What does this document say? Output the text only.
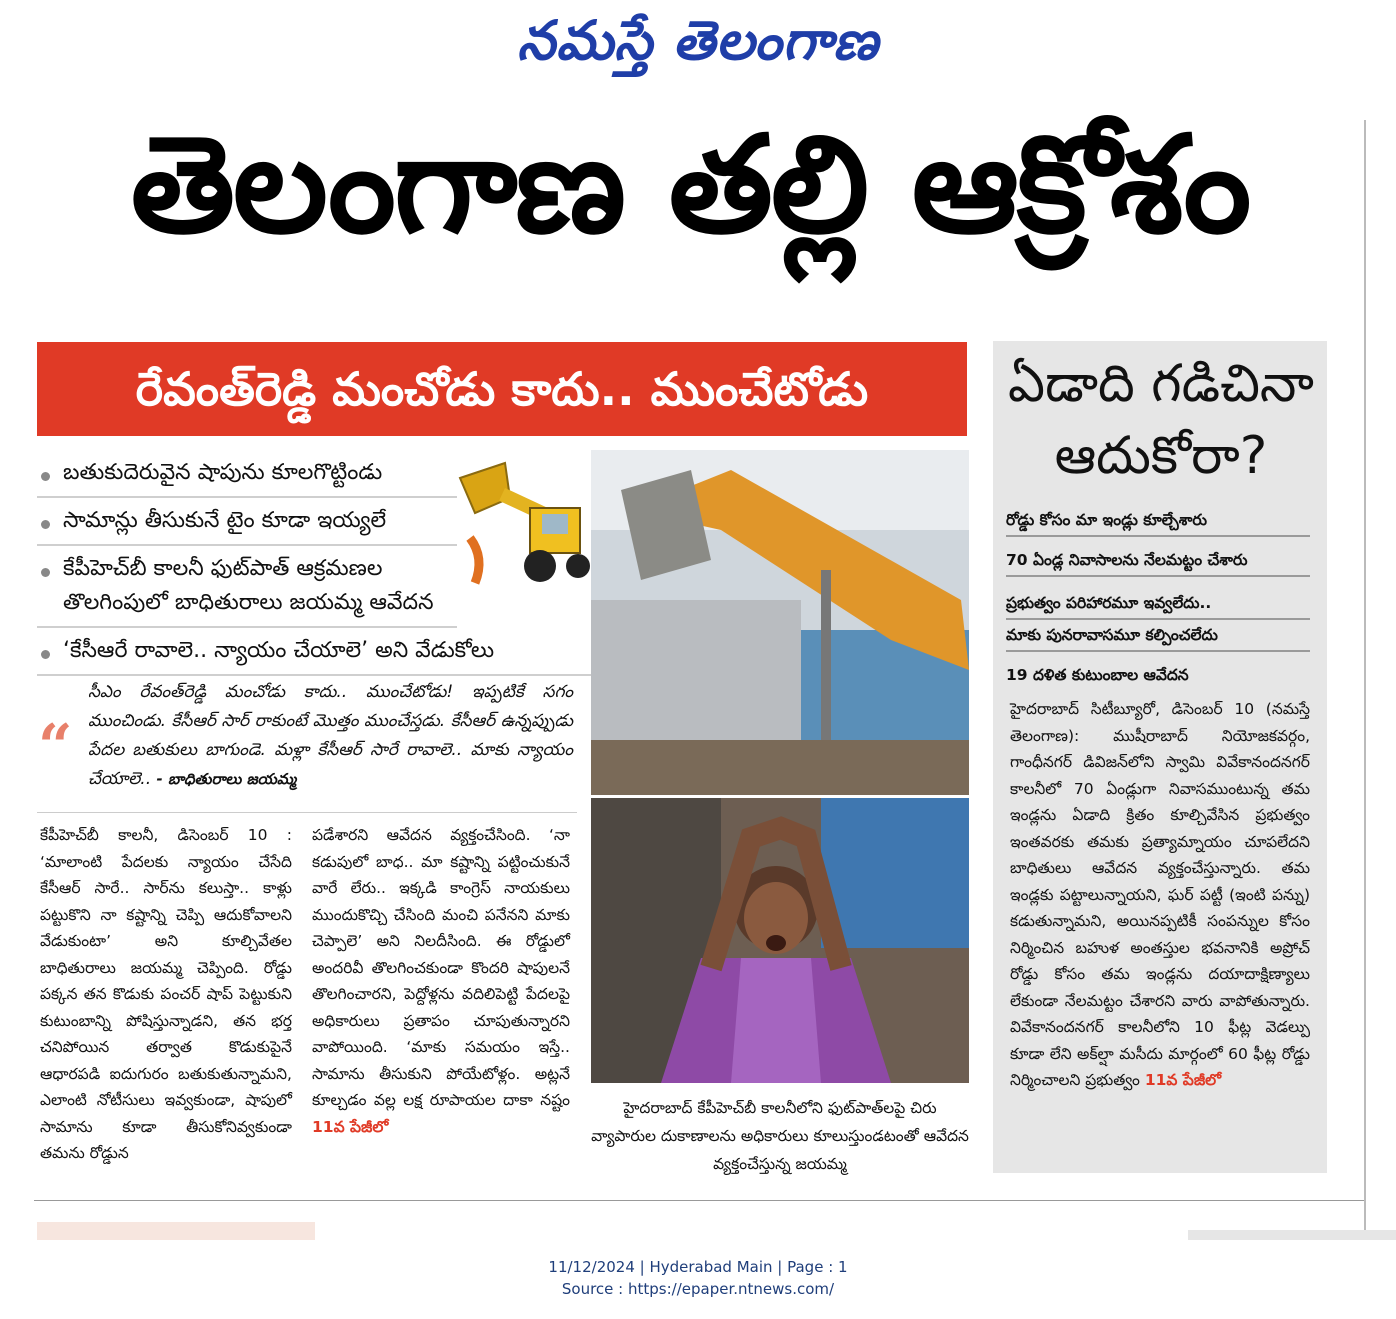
నమస్తే తెలంగాణ
తెలంగాణ తల్లి ఆక్రోశం
రేవంత్‌రెడ్డి మంచోడు కాదు.. ముంచేటోడు
బతుకుదెరువైన షాపును కూలగొట్టిండు
సామాన్లు తీసుకునే టైం కూడా ఇయ్యలే
కేపీహెచ్‌బీ కాలనీ ఫుట్‌పాత్ ఆక్రమణల తొలగింపులో బాధితురాలు జయమ్మ ఆవేదన
‘కేసీఆరే రావాలె.. న్యాయం చేయాలె’ అని వేడుకోలు
“
సీఎం రేవంత్‌రెడ్డి మంచోడు కాదు.. ముంచేటోడు! ఇప్పటికే సగం ముంచిండు. కేసీఆర్ సార్ రాకుంటే మొత్తం ముంచేస్తడు. కేసీఆర్ ఉన్నప్పుడు పేదల బతుకులు బాగుండె. మళ్లా కేసీఆర్ సారే రావాలె.. మాకు న్యాయం చేయాలె.. - బాధితురాలు జయమ్మ
కేపీహెచ్‌బీ కాలనీ, డిసెంబర్ 10 : ‘మాలాంటి పేదలకు న్యాయం చేసేది కేసీఆర్ సారే.. సార్‌ను కలుస్తా.. కాళ్లు పట్టుకొని నా కష్టాన్ని చెప్పి ఆదుకోవాలని వేడుకుంటా’ అని కూల్చివేతల బాధితురాలు జయమ్మ చెప్పింది. రోడ్డు పక్కన తన కొడుకు పంచర్ షాప్ పెట్టుకుని కుటుంబాన్ని పోషిస్తున్నాడని, తన భర్త చనిపోయిన తర్వాత కొడుకుపైనే ఆధారపడి ఐదుగురం బతుకుతున్నామని, ఎలాంటి నోటీసులు ఇవ్వకుండా, షాపులో సామాను కూడా తీసుకోనివ్వకుండా తమను రోడ్డున
పడేశారని ఆవేదన వ్యక్తంచేసింది. ‘నా కడుపులో బాధ.. మా కష్టాన్ని పట్టించుకునే వారే లేరు.. ఇక్కడి కాంగ్రెస్ నాయకులు ముందుకొచ్చి చేసింది మంచి పనేనని మాకు చెప్పాలె’ అని నిలదీసింది. ఈ రోడ్డులో అందరివీ తొలగించకుండా కొందరి షాపులనే తొలగించారని, పెద్దోళ్లను వదిలిపెట్టి పేదలపై అధికారులు ప్రతాపం చూపుతున్నారని వాపోయింది. ‘మాకు సమయం ఇస్తే.. సామాను తీసుకుని పోయేటోళ్లం. అట్లనే కూల్చడం వల్ల లక్ష రూపాయల దాకా నష్టం 11వ పేజీలో
హైదరాబాద్ కేపీహెచ్‌బీ కాలనీలోని ఫుట్‌పాత్‌లపై చిరు వ్యాపారుల దుకాణాలను అధికారులు కూలుస్తుండటంతో ఆవేదన వ్యక్తంచేస్తున్న జయమ్మ
ఏడాది గడిచినా
ఆదుకోరా?
రోడ్డు కోసం మా ఇండ్లు కూల్చేశారు
70 ఏండ్ల నివాసాలను నేలమట్టం చేశారు
ప్రభుత్వం పరిహారమూ ఇవ్వలేదు..
మాకు పునరావాసమూ కల్పించలేదు
19 దళిత కుటుంబాల ఆవేదన
హైదరాబాద్ సిటీబ్యూరో, డిసెంబర్ 10 (నమస్తే తెలంగాణ): ముషీరాబాద్ నియోజకవర్గం, గాంధీనగర్ డివిజన్‌లోని స్వామి వివేకానందనగర్ కాలనీలో 70 ఏండ్లుగా నివాసముంటున్న తమ ఇండ్లను ఏడాది క్రితం కూల్చివేసిన ప్రభుత్వం ఇంతవరకు తమకు ప్రత్యామ్నాయం చూపలేదని బాధితులు ఆవేదన వ్యక్తంచేస్తున్నారు. తమ ఇండ్లకు పట్టాలున్నాయని, ఘర్ పట్టీ (ఇంటి పన్ను) కడుతున్నామని, అయినప్పటికీ సంపన్నుల కోసం నిర్మించిన బహుళ అంతస్తుల భవనానికి అప్రోచ్ రోడ్డు కోసం తమ ఇండ్లను దయాదాక్షిణ్యాలు లేకుండా నేలమట్టం చేశారని వారు వాపోతున్నారు. వివేకానందనగర్ కాలనీలోని 10 ఫీట్ల వెడల్పు కూడా లేని అక్‌ల్షా మసీదు మార్గంలో 60 ఫీట్ల రోడ్డు నిర్మించాలని ప్రభుత్వం 11వ పేజీలో
11/12/2024 | Hyderabad Main | Page : 1
Source : https://epaper.ntnews.com/
